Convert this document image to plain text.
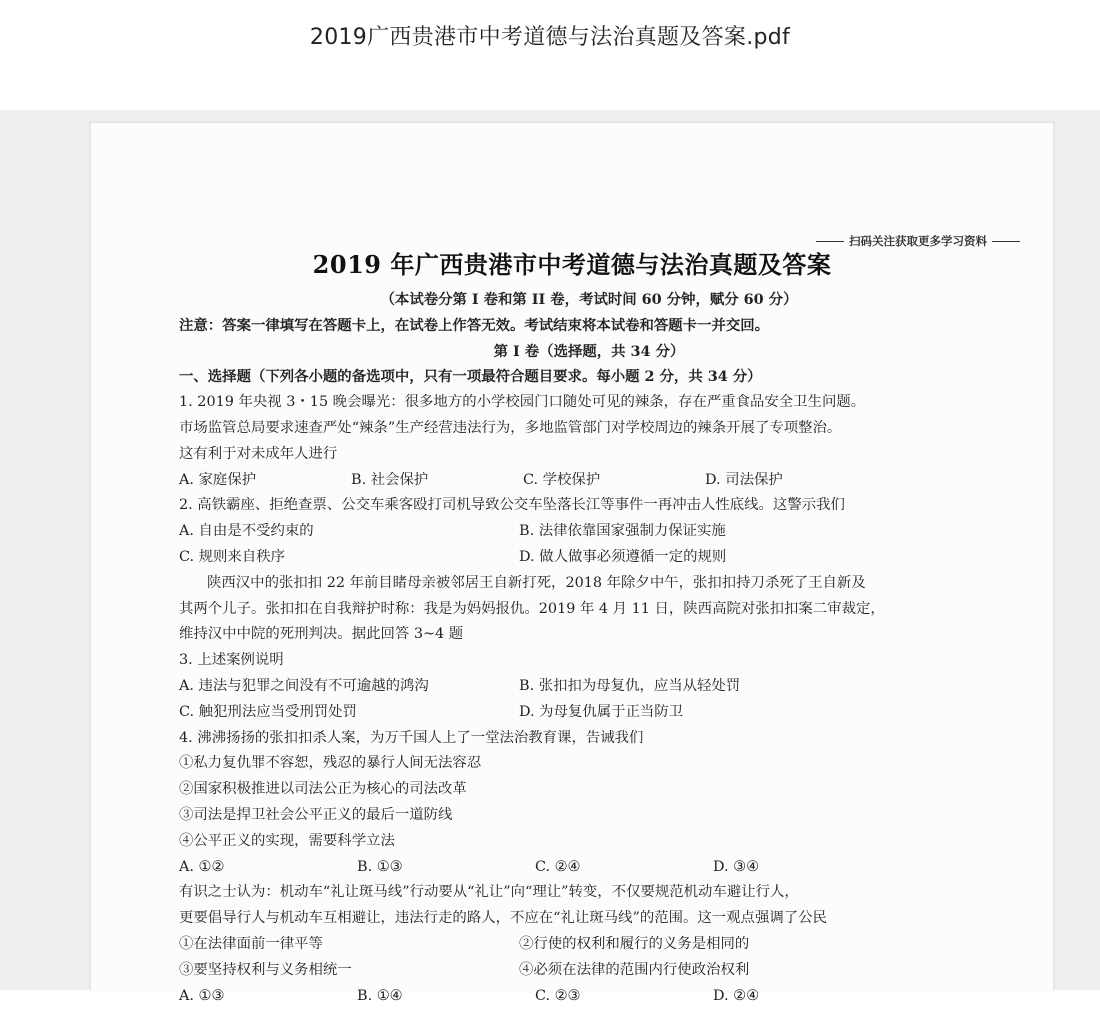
2019广西贵港市中考道德与法治真题及答案.pdf
扫码关注获取更多学习资料
2019 年广西贵港市中考道德与法治真题及答案
（本试卷分第 I 卷和第 II 卷，考试时间 60 分钟，赋分 60 分）
注意：答案一律填写在答题卡上，在试卷上作答无效。考试结束将本试卷和答题卡一并交回。
第 I 卷（选择题，共 34 分）
一、选择题（下列各小题的备选项中，只有一项最符合题目要求。每小题 2 分，共 34 分）
1. 2019 年央视 3・15 晚会曝光：很多地方的小学校园门口随处可见的辣条，存在严重食品安全卫生问题。
市场监管总局要求速查严处“辣条”生产经营违法行为，多地监管部门对学校周边的辣条开展了专项整治。
这有利于对未成年人进行
A. 家庭保护	B. 社会保护	C. 学校保护	D. 司法保护
2. 高铁霸座、拒绝查票、公交车乘客殴打司机导致公交车坠落长江等事件一再冲击人性底线。这警示我们
A. 自由是不受约束的	B. 法律依靠国家强制力保证实施
C. 规则来自秩序	D. 做人做事必须遵循一定的规则
陕西汉中的张扣扣 22 年前目睹母亲被邻居王自新打死，2018 年除夕中午，张扣扣持刀杀死了王自新及
其两个儿子。张扣扣在自我辩护时称：我是为妈妈报仇。2019 年 4 月 11 日，陕西高院对张扣扣案二审裁定，
维持汉中中院的死刑判决。据此回答 3~4 题
3. 上述案例说明
A. 违法与犯罪之间没有不可逾越的鸿沟	B. 张扣扣为母复仇，应当从轻处罚
C. 触犯刑法应当受刑罚处罚	D. 为母复仇属于正当防卫
4. 沸沸扬扬的张扣扣杀人案，为万千国人上了一堂法治教育课，告诫我们
①私力复仇罪不容恕，残忍的暴行人间无法容忍
②国家积极推进以司法公正为核心的司法改革
③司法是捍卫社会公平正义的最后一道防线
④公平正义的实现，需要科学立法
A. ①②	B. ①③	C. ②④	D. ③④
有识之士认为：机动车“礼让斑马线”行动要从“礼让”向“理让”转变，不仅要规范机动车避让行人，
更要倡导行人与机动车互相避让，违法行走的路人，不应在“礼让斑马线”的范围。这一观点强调了公民
①在法律面前一律平等	②行使的权利和履行的义务是相同的
③要坚持权利与义务相统一	④必须在法律的范围内行使政治权利
A. ①③	B. ①④	C. ②③	D. ②④
